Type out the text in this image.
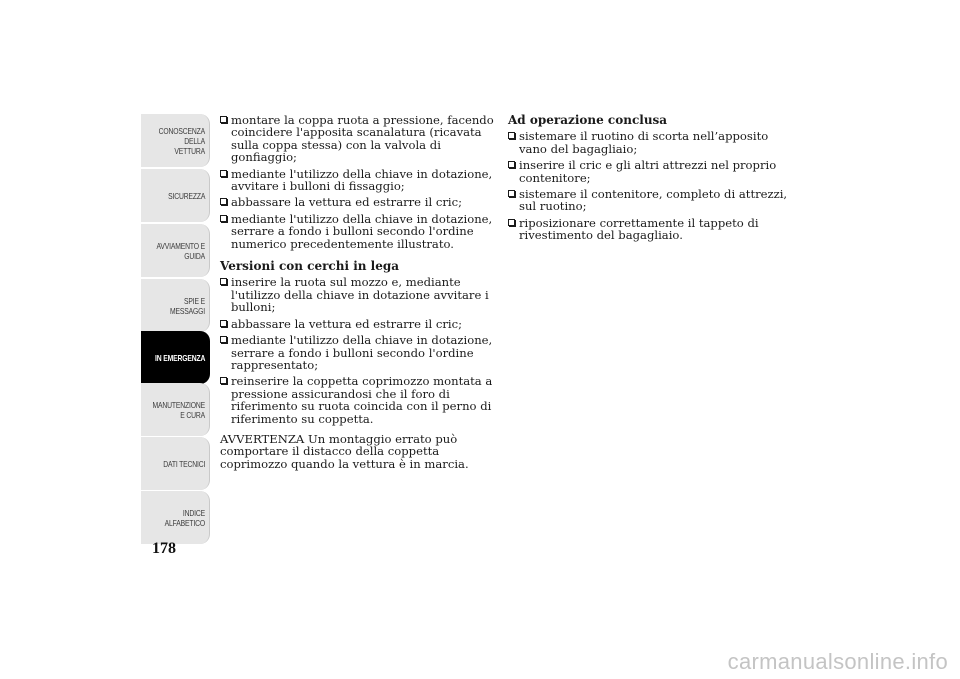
CONOSCENZA DELLA VETTURA
SICUREZZA
AVVIAMENTO E GUIDA
SPIE E MESSAGGI
IN EMERGENZA
MANUTENZIONE E CURA
DATI TECNICI
INDICE ALFABETICO
178
montare la coppa ruota a pressione, facendo coincidere l'apposita scanalatura (ricavata sulla coppa stessa) con la valvola di gonfiaggio;
mediante l'utilizzo della chiave in dotazione, avvitare i bulloni di fissaggio;
abbassare la vettura ed estrarre il cric;
mediante l'utilizzo della chiave in dotazione, serrare a fondo i bulloni secondo l'ordine numerico precedentemente illustrato.
Versioni con cerchi in lega
inserire la ruota sul mozzo e, mediante l'utilizzo della chiave in dotazione avvitare i bulloni;
abbassare la vettura ed estrarre il cric;
mediante l'utilizzo della chiave in dotazione, serrare a fondo i bulloni secondo l'ordine rappresentato;
reinserire la coppetta coprimozzo montata a pressione assicurandosi che il foro di riferimento su ruota coincida con il perno di riferimento su coppetta.
AVVERTENZA Un montaggio errato può comportare il distacco della coppetta coprimozzo quando la vettura è in marcia.
Ad operazione conclusa
sistemare il ruotino di scorta nell’apposito vano del bagagliaio;
inserire il cric e gli altri attrezzi nel proprio contenitore;
sistemare il contenitore, completo di attrezzi, sul ruotino;
riposizionare correttamente il tappeto di rivestimento del bagagliaio.
carmanualsonline.info
